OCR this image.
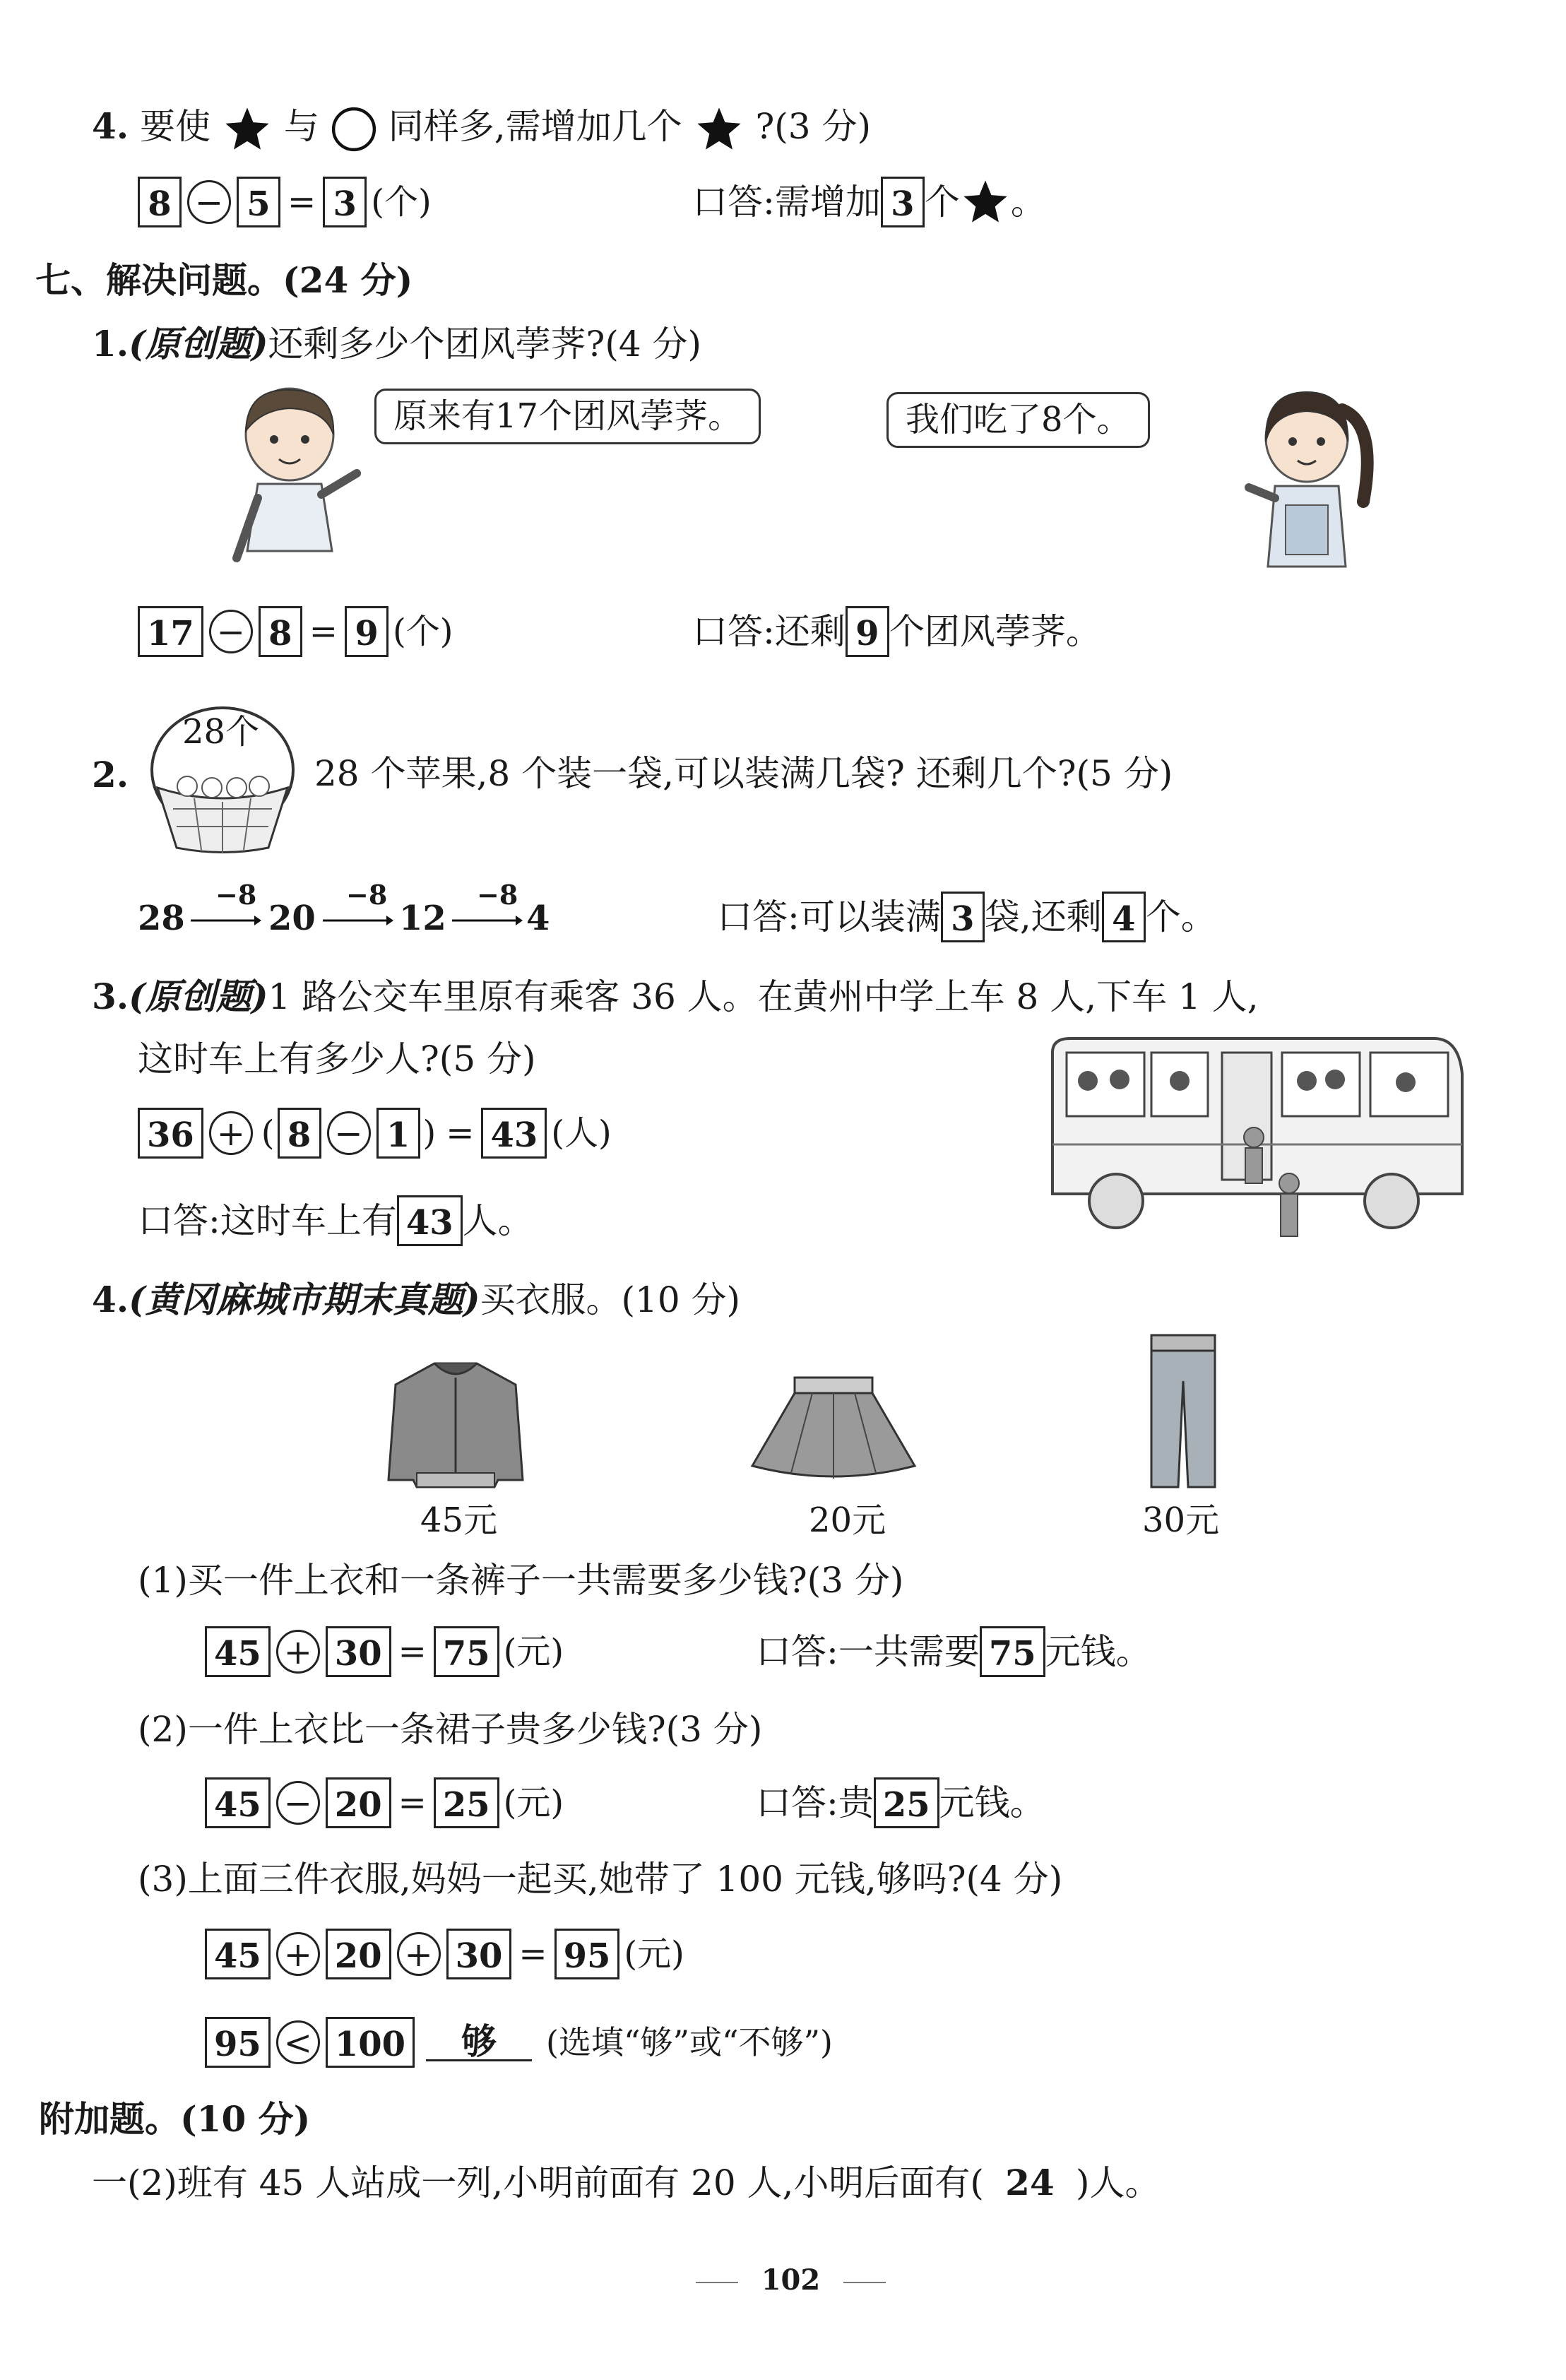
4. 要使 与 同样多,需增加几个 ?(3 分)
8 − 5 = 3 (个)	口答:需增加 3 个 。
七、解决问题。(24 分)
1.(原创题)还剩多少个团风荸荠?(4 分)
原来有17个团风荸荠。	我们吃了8个。
17 − 8 = 9 (个)	口答:还剩 9 个团风荸荠。
2.
28个
28 个苹果,8 个装一袋,可以装满几袋? 还剩几个?(5 分)
28
−8
20
−8
12
−8
4	口答:可以装满 3 袋,还剩 4 个。
3.(原创题)1 路公交车里原有乘客 36 人。在黄州中学上车 8 人,下车 1 人,
这时车上有多少人?(5 分)
36 + ( 8 − 1 ) = 43 (人)
口答:这时车上有 43 人。
4.(黄冈麻城市期末真题)买衣服。(10 分)
45元	20元	30元
(1)买一件上衣和一条裤子一共需要多少钱?(3 分)
45 + 30 = 75 (元)	口答:一共需要 75 元钱。
(2)一件上衣比一条裙子贵多少钱?(3 分)
45 − 20 = 25 (元)	口答:贵 25 元钱。
(3)上面三件衣服,妈妈一起买,她带了 100 元钱,够吗?(4 分)
45 + 20 + 30 = 95 (元)
95 < 100	够	(选填“够”或“不够”)
附加题。(10 分)
一(2)班有 45 人站成一列,小明前面有 20 人,小明后面有( 24 )人。
102
